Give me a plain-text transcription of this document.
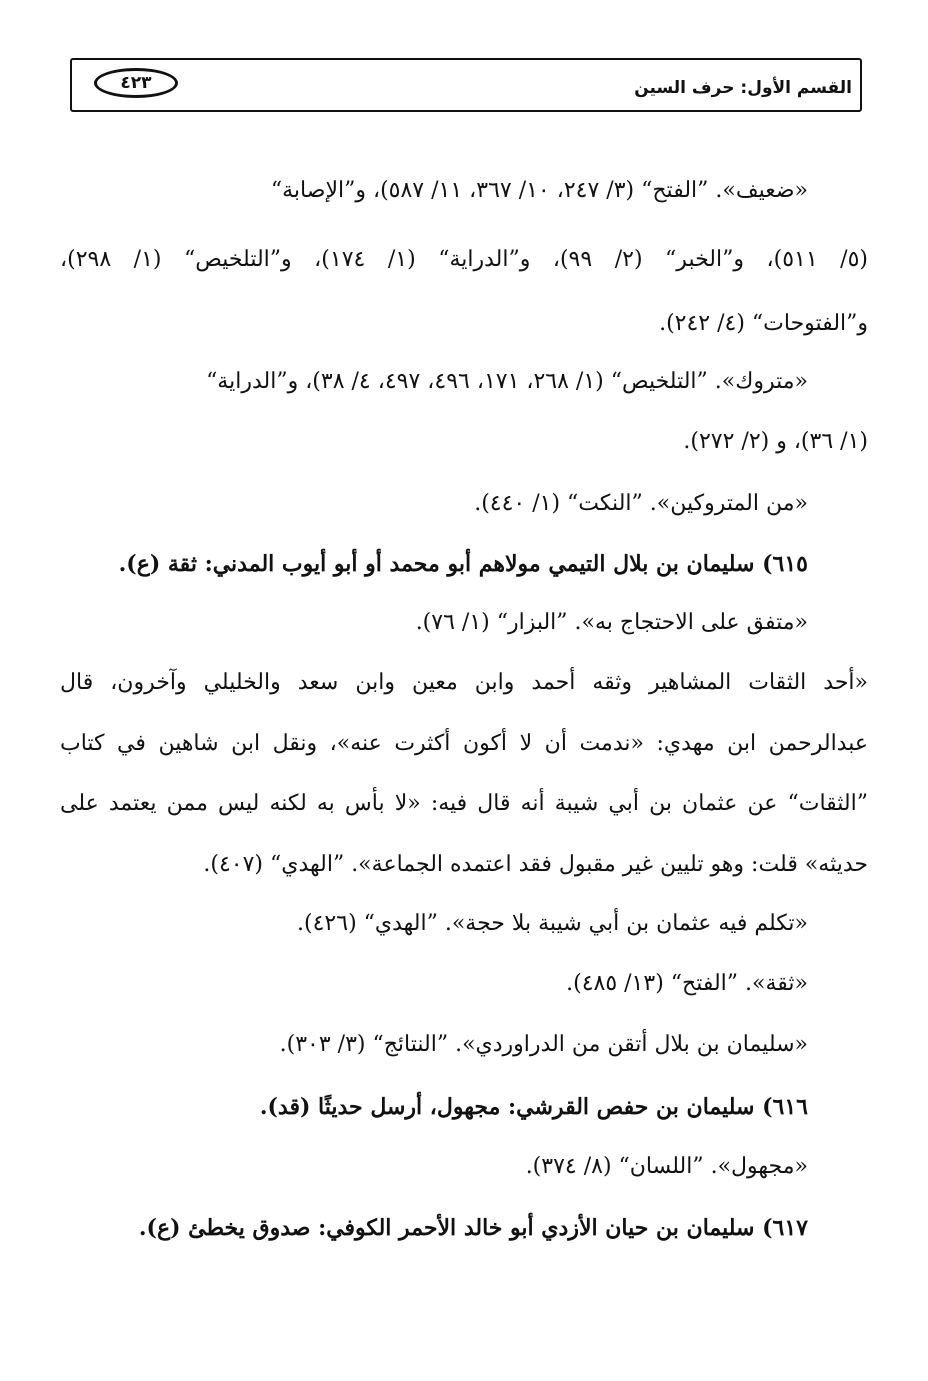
القسم الأول: حرف السين
٤٢٣
«ضعيف». ”الفتح“ (٣/ ٢٤٧، ١٠/ ٣٦٧، ١١/ ٥٨٧)، و”الإصابة“
(٥/ ٥١١)، و”الخبر“ (٢/ ٩٩)، و”الدراية“ (١/ ١٧٤)، و”التلخيص“ (١/ ٢٩٨)،
و”الفتوحات“ (٤/ ٢٤٢).
«متروك». ”التلخيص“ (١/ ٢٦٨، ١٧١، ٤٩٦، ٤٩٧، ٤/ ٣٨)، و”الدراية“
(١/ ٣٦)، و (٢/ ٢٧٢).
«من المتروكين». ”النكت“ (١/ ٤٤٠).
٦١٥) سليمان بن بلال التيمي مولاهم أبو محمد أو أبو أيوب المدني: ثقة (ع).
«متفق على الاحتجاج به». ”البزار“ (١/ ٧٦).
«أحد الثقات المشاهير وثقه أحمد وابن معين وابن سعد والخليلي وآخرون، قال
عبدالرحمن ابن مهدي: «ندمت أن لا أكون أكثرت عنه»، ونقل ابن شاهين في كتاب
”الثقات“ عن عثمان بن أبي شيبة أنه قال فيه: «لا بأس به لكنه ليس ممن يعتمد على
حديثه» قلت: وهو تليين غير مقبول فقد اعتمده الجماعة». ”الهدي“ (٤٠٧).
«تكلم فيه عثمان بن أبي شيبة بلا حجة». ”الهدي“ (٤٢٦).
«ثقة». ”الفتح“ (١٣/ ٤٨٥).
«سليمان بن بلال أتقن من الدراوردي». ”النتائج“ (٣/ ٣٠٣).
٦١٦) سليمان بن حفص القرشي: مجهول، أرسل حديثًا (قد).
«مجهول». ”اللسان“ (٨/ ٣٧٤).
٦١٧) سليمان بن حيان الأزدي أبو خالد الأحمر الكوفي: صدوق يخطئ (ع).
